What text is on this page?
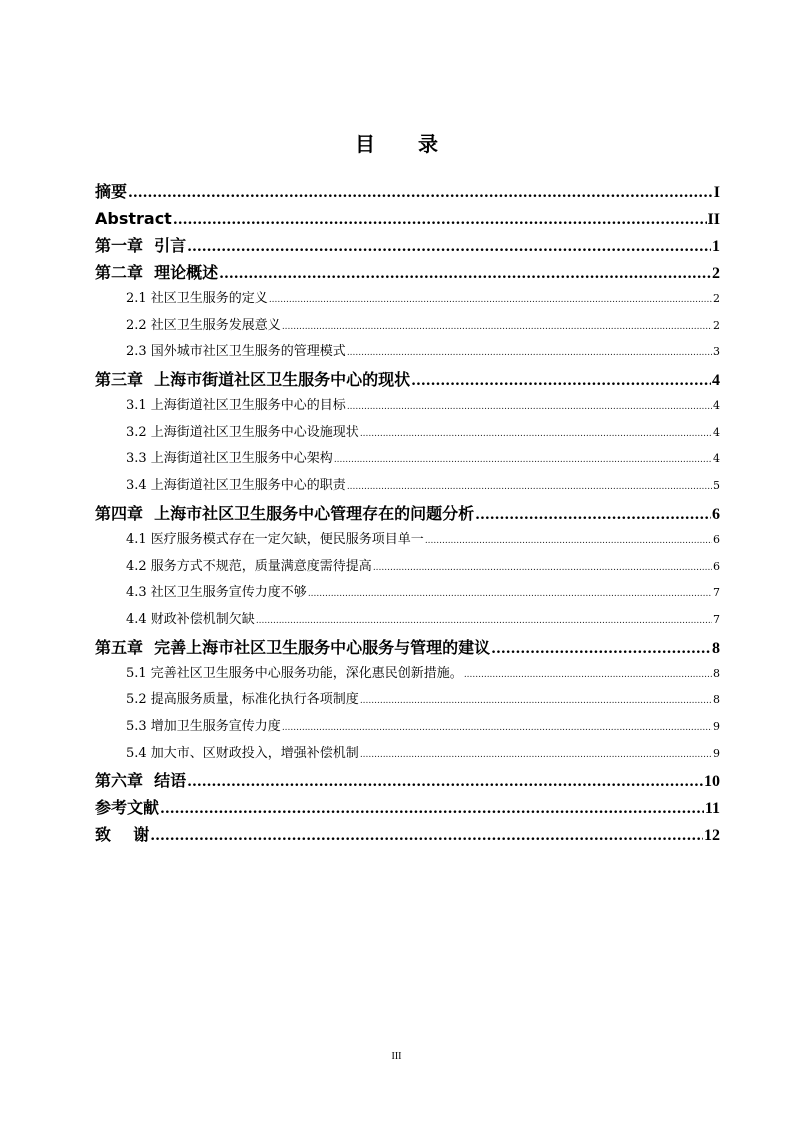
目 录
摘要 .....	I
Abstract .....	II
第一章  引言 .....	1
第二章  理论概述 .....	2
2.1 社区卫生服务的定义 .....	2
2.2 社区卫生服务发展意义 .....	2
2.3 国外城市社区卫生服务的管理模式 .....	3
第三章  上海市街道社区卫生服务中心的现状 .....	4
3.1 上海街道社区卫生服务中心的目标 .....	4
3.2 上海街道社区卫生服务中心设施现状 .....	4
3.3 上海街道社区卫生服务中心架构 .....	4
3.4 上海街道社区卫生服务中心的职责 .....	5
第四章  上海市社区卫生服务中心管理存在的问题分析 .....	6
4.1 医疗服务模式存在一定欠缺，便民服务项目单一 .....	6
4.2 服务方式不规范，质量满意度需待提高 .....	6
4.3 社区卫生服务宣传力度不够 .....	7
4.4 财政补偿机制欠缺 .....	7
第五章  完善上海市社区卫生服务中心服务与管理的建议 .....	8
5.1 完善社区卫生服务中心服务功能，深化惠民创新措施。 .....	8
5.2 提高服务质量，标准化执行各项制度 .....	8
5.3 增加卫生服务宣传力度 .....	9
5.4 加大市、区财政投入，增强补偿机制 .....	9
第六章  结语 .....	10
参考文献 .....	11
致    谢 .....	12
III
